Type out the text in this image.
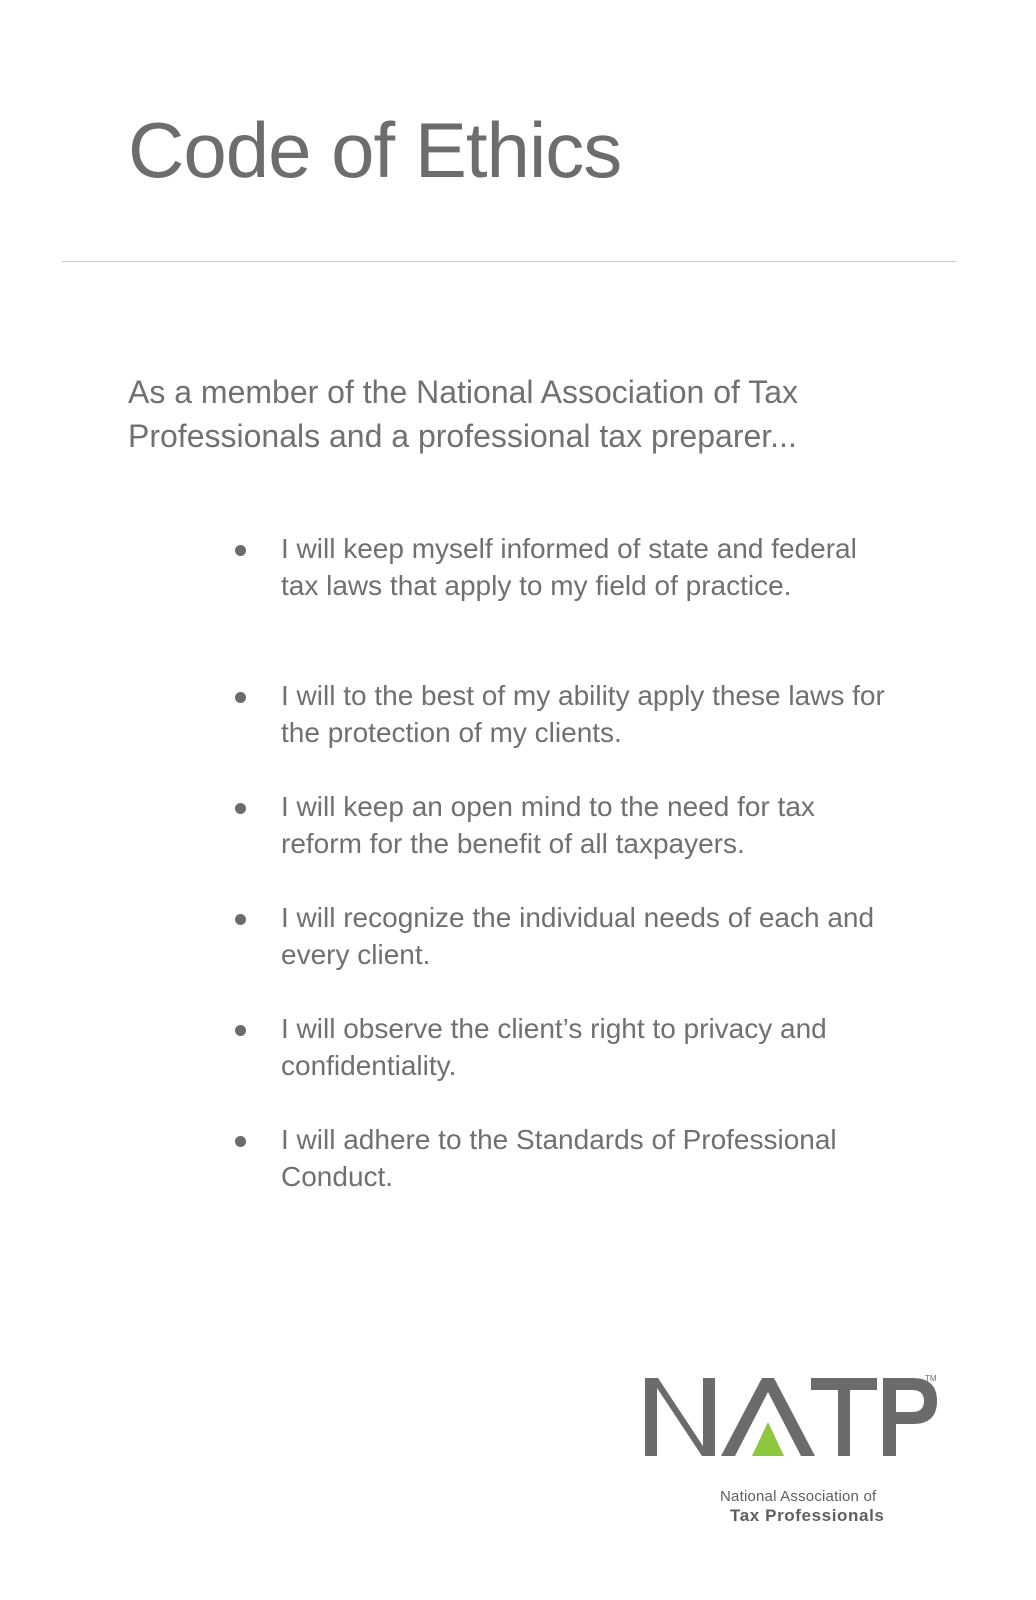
Code of Ethics

As a member of the National Association of Tax Professionals and a professional tax preparer...

I will keep myself informed of state and federal tax laws that apply to my field of practice.
I will to the best of my ability apply these laws for the protection of my clients.
I will keep an open mind to the need for tax reform for the benefit of all taxpayers.
I will recognize the individual needs of each and every client.
I will observe the client’s right to privacy and confidentiality.
I will adhere to the Standards of Professional Conduct.
TM
National Association of
Tax Professionals
